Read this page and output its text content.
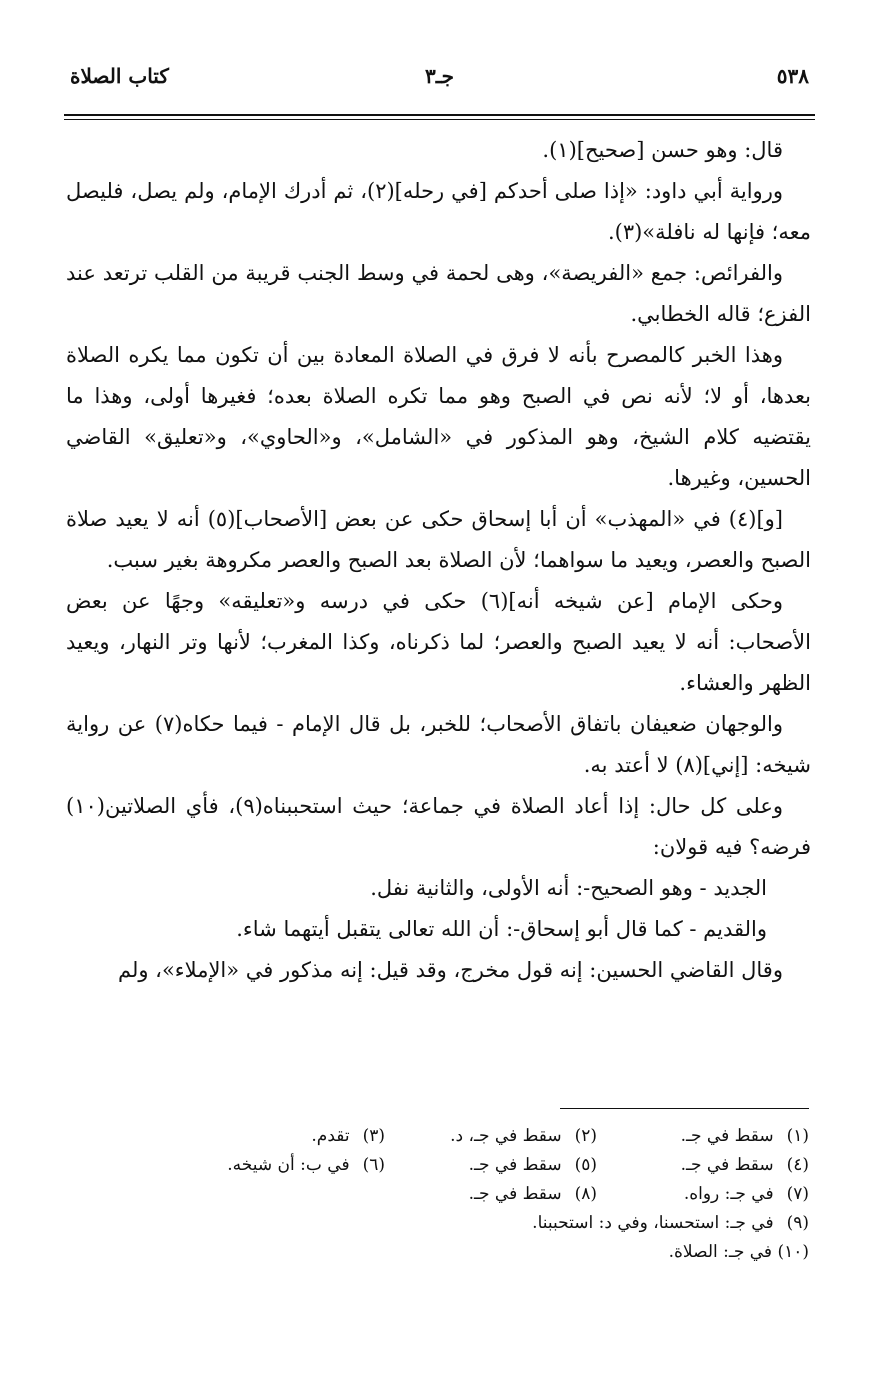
٥٣٨
جـ٣
كتاب الصلاة

قال: وهو حسن [صحيح](١).

ورواية أبي داود: «إذا صلى أحدكم [في رحله](٢)، ثم أدرك الإمام، ولم يصل، فليصل معه؛ فإنها له نافلة»(٣).

والفرائص: جمع «الفريصة»، وهى لحمة في وسط الجنب قريبة من القلب ترتعد عند الفزع؛ قاله الخطابي.

وهذا الخبر كالمصرح بأنه لا فرق في الصلاة المعادة بين أن تكون مما يكره الصلاة بعدها، أو لا؛ لأنه نص في الصبح وهو مما تكره الصلاة بعده؛ فغيرها أولى، وهذا ما يقتضيه كلام الشيخ، وهو المذكور في «الشامل»، و«الحاوي»، و«تعليق» القاضي الحسين، وغيرها.

[و](٤) في «المهذب» أن أبا إسحاق حكى عن بعض [الأصحاب](٥) أنه لا يعيد صلاة الصبح والعصر، ويعيد ما سواهما؛ لأن الصلاة بعد الصبح والعصر مكروهة بغير سبب.

وحكى الإمام [عن شيخه أنه](٦) حكى في درسه و«تعليقه» وجهًا عن بعض الأصحاب: أنه لا يعيد الصبح والعصر؛ لما ذكرناه، وكذا المغرب؛ لأنها وتر النهار، ويعيد الظهر والعشاء.

والوجهان ضعيفان باتفاق الأصحاب؛ للخبر، بل قال الإمام - فيما حكاه(٧) عن رواية شيخه: [إني](٨) لا أعتد به.

وعلى كل حال: إذا أعاد الصلاة في جماعة؛ حيث استحببناه(٩)، فأي الصلاتين(١٠) فرضه؟ فيه قولان:

الجديد - وهو الصحيح-: أنه الأولى، والثانية نفل.

والقديم - كما قال أبو إسحاق-: أن الله تعالى يتقبل أيتهما شاء.

وقال القاضي الحسين: إنه قول مخرج، وقد قيل: إنه مذكور في «الإملاء»، ولم

(١) سقط في جـ.
(٢) سقط في جـ، د.
(٣) تقدم.
(٤) سقط في جـ.
(٥) سقط في جـ.
(٦) في ب: أن شيخه.
(٧) في جـ: رواه.
(٨) سقط في جـ.
(٩) في جـ: استحسنا، وفي د: استحببنا.
(١٠) في جـ: الصلاة.
